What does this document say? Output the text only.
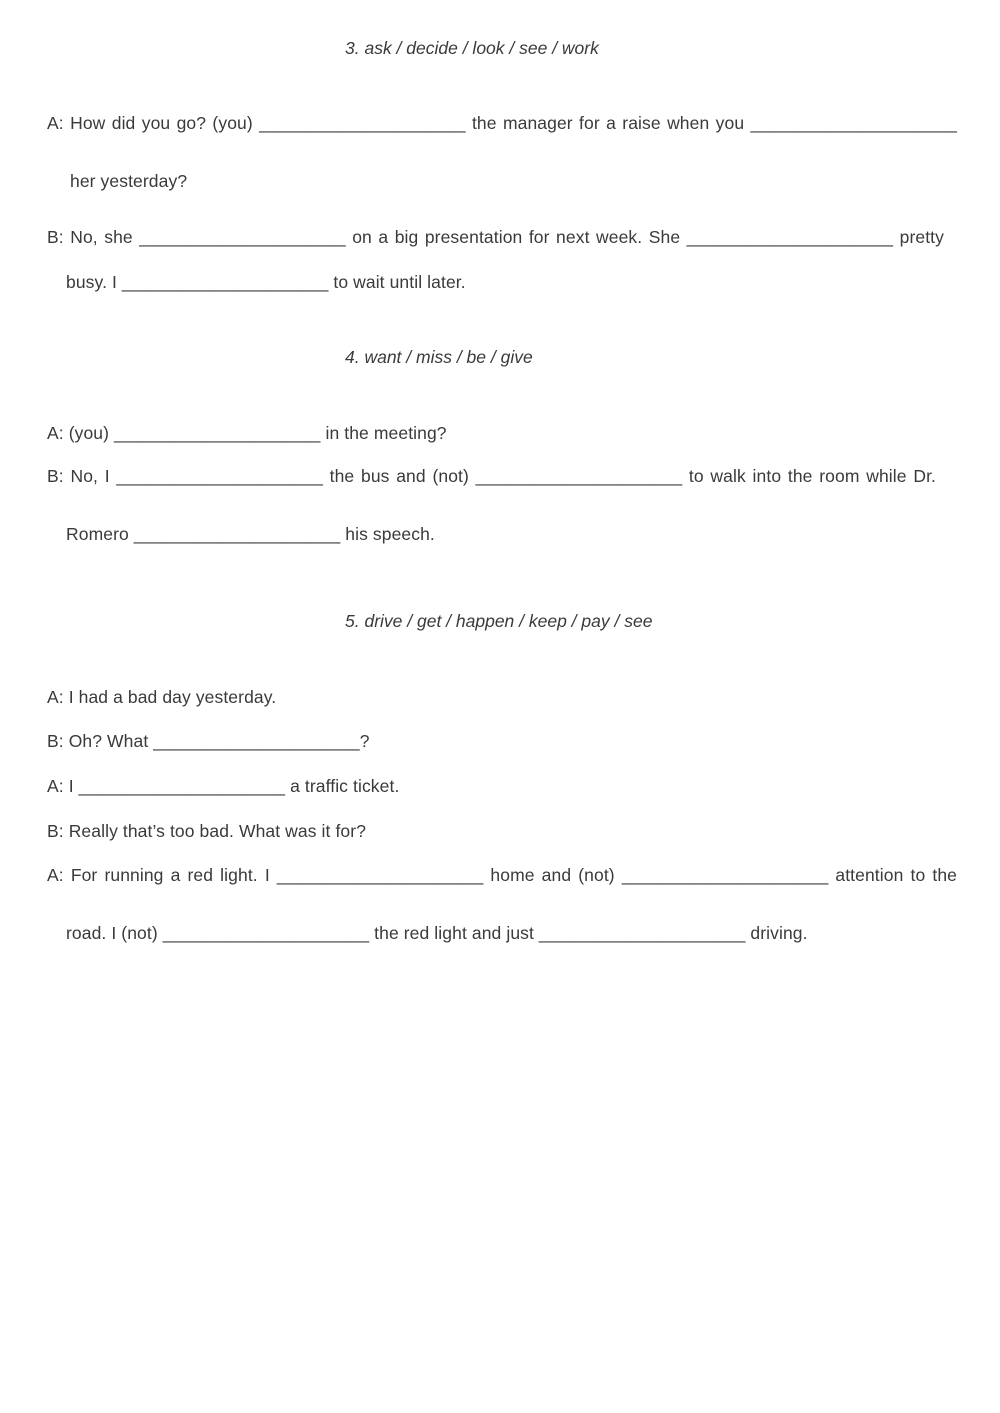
3. ask / decide / look / see / work
A: How did you go? (you) _____________________ the manager for a raise when you _____________________
her yesterday?
B: No, she _____________________ on a big presentation for next week. She _____________________ pretty
busy. I _____________________ to wait until later.
4. want / miss / be / give
A: (you) _____________________ in the meeting?
B: No, I _____________________ the bus and (not) _____________________ to walk into the room while Dr.
Romero _____________________ his speech.
5. drive / get / happen / keep / pay / see
A: I had a bad day yesterday.
B: Oh? What _____________________?
A: I _____________________ a traffic ticket.
B: Really that’s too bad. What was it for?
A: For running a red light. I _____________________ home and (not) _____________________ attention to the
road. I (not) _____________________ the red light and just _____________________ driving.
